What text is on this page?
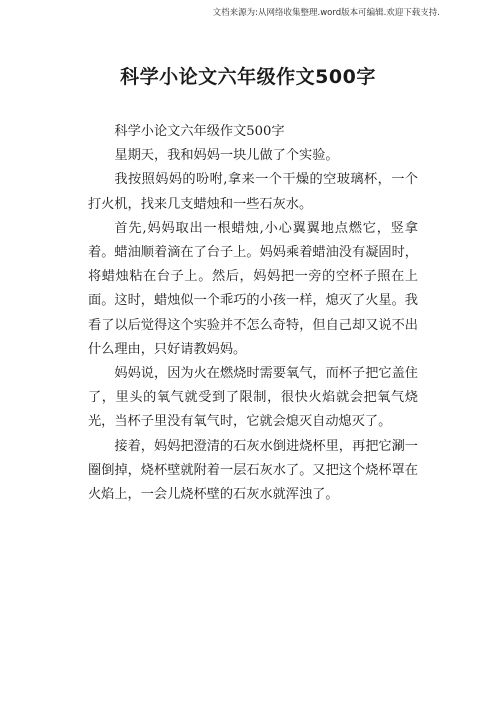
文档来源为:从网络收集整理.word版本可编辑.欢迎下载支持.
科学小论文六年级作文500字

科学小论文六年级作文500字

星期天，我和妈妈一块儿做了个实验。

我按照妈妈的吩咐,拿来一个干燥的空玻璃杯，一个打火机，找来几支蜡烛和一些石灰水。

首先,妈妈取出一根蜡烛,小心翼翼地点燃它，竖拿着。蜡油顺着滴在了台子上。妈妈乘着蜡油没有凝固时，将蜡烛粘在台子上。然后，妈妈把一旁的空杯子照在上面。这时，蜡烛似一个乖巧的小孩一样，熄灭了火星。我看了以后觉得这个实验并不怎么奇特，但自己却又说不出什么理由，只好请教妈妈。

妈妈说，因为火在燃烧时需要氧气，而杯子把它盖住了，里头的氧气就受到了限制，很快火焰就会把氧气烧光，当杯子里没有氧气时，它就会熄灭自动熄灭了。

接着，妈妈把澄清的石灰水倒进烧杯里，再把它涮一圈倒掉，烧杯壁就附着一层石灰水了。又把这个烧杯罩在火焰上，一会儿烧杯壁的石灰水就浑浊了。
